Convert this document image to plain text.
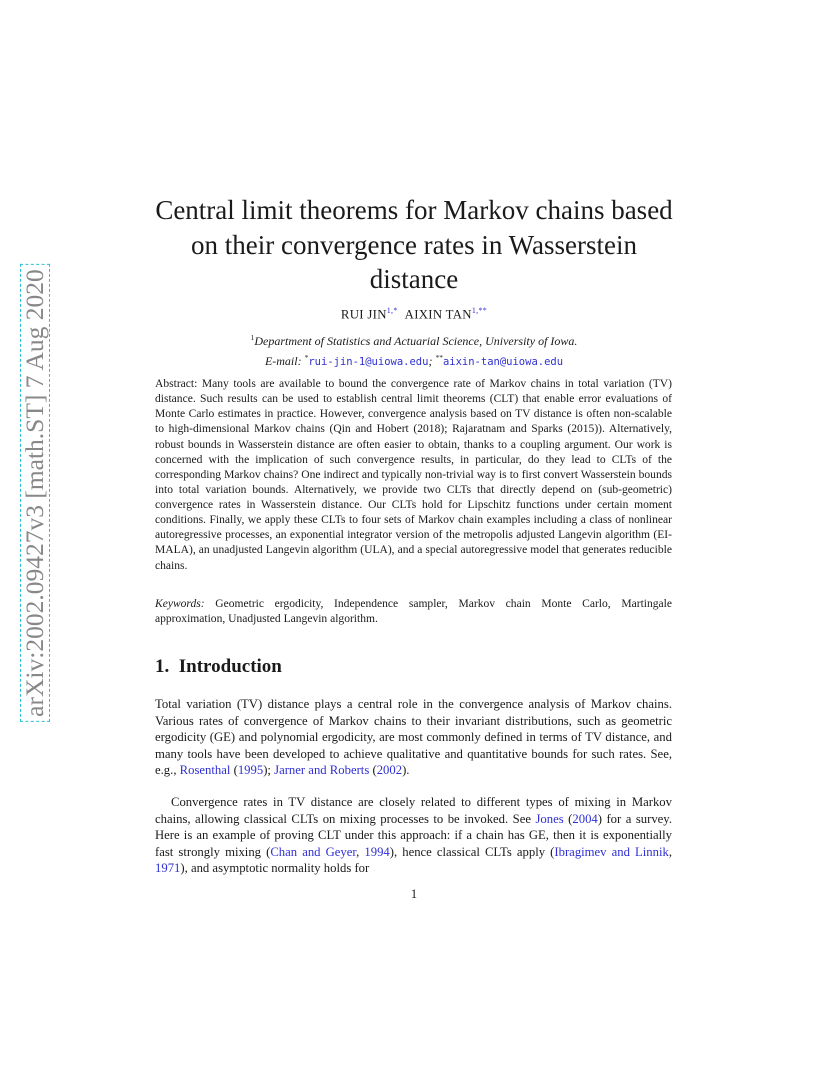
arXiv:2002.09427v3 [math.ST] 7 Aug 2020
Central limit theorems for Markov chains based on their convergence rates in Wasserstein distance
RUI $JIN^{1,*}$ AIXIN $TAN^{1,**}$
$^1$Department of Statistics and Actuarial Science, University of Iowa.
E-mail: *rui-jin-1@uiowa.edu; **aixin-tan@uiowa.edu

Abstract: Many tools are available to bound the convergence rate of Markov chains in total variation (TV) distance. Such results can be used to establish central limit theorems (CLT) that enable error evaluations of Monte Carlo estimates in practice. However, convergence analysis based on TV distance is often non-scalable to high-dimensional Markov chains (Qin and Hobert (2018); Rajaratnam and Sparks (2015)). Alternatively, robust bounds in Wasserstein distance are often easier to obtain, thanks to a coupling argument. Our work is concerned with the implication of such convergence results, in particular, do they lead to CLTs of the corresponding Markov chains? One indirect and typically non-trivial way is to first convert Wasserstein bounds into total variation bounds. Alternatively, we provide two CLTs that directly depend on (sub-geometric) convergence rates in Wasserstein distance. Our CLTs hold for Lipschitz functions under certain moment conditions. Finally, we apply these CLTs to four sets of Markov chain examples including a class of nonlinear autoregressive processes, an exponential integrator version of the metropolis adjusted Langevin algorithm (EI-MALA), an unadjusted Langevin algorithm (ULA), and a special autoregressive model that generates reducible chains.

Keywords: Geometric ergodicity, Independence sampler, Markov chain Monte Carlo, Martingale approximation, Unadjusted Langevin algorithm.

1. Introduction

Total variation (TV) distance plays a central role in the convergence analysis of Markov chains. Various rates of convergence of Markov chains to their invariant distributions, such as geometric ergodicity (GE) and polynomial ergodicity, are most commonly defined in terms of TV distance, and many tools have been developed to achieve qualitative and quantitative bounds for such rates. See, e.g., Rosenthal (1995); Jarner and Roberts (2002).

Convergence rates in TV distance are closely related to different types of mixing in Markov chains, allowing classical CLTs on mixing processes to be invoked. See Jones (2004) for a survey. Here is an example of proving CLT under this approach: if a chain has GE, then it is exponentially fast strongly mixing (Chan and Geyer, 1994), hence classical CLTs apply (Ibragimev and Linnik, 1971), and asymptotic normality holds for

1
